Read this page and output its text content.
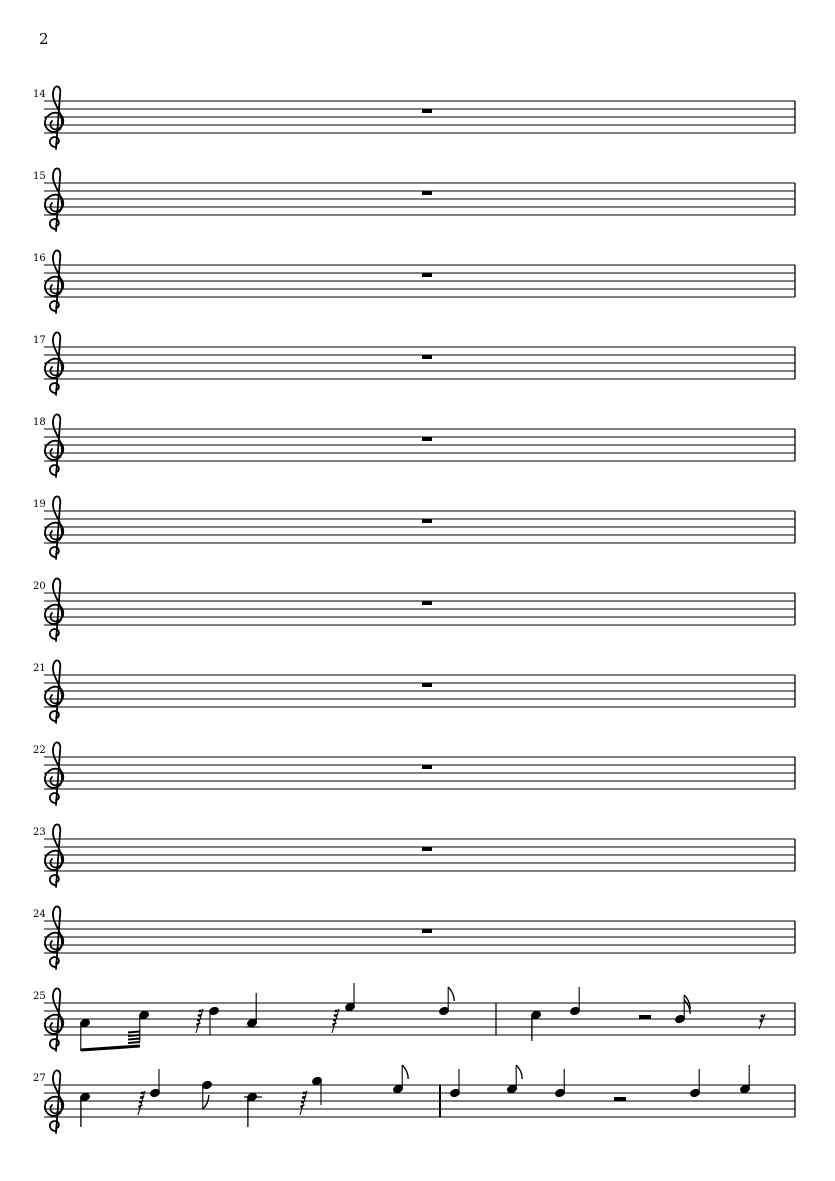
2
14
15
16
17
18
19
20
21
22
23
24
25
27
